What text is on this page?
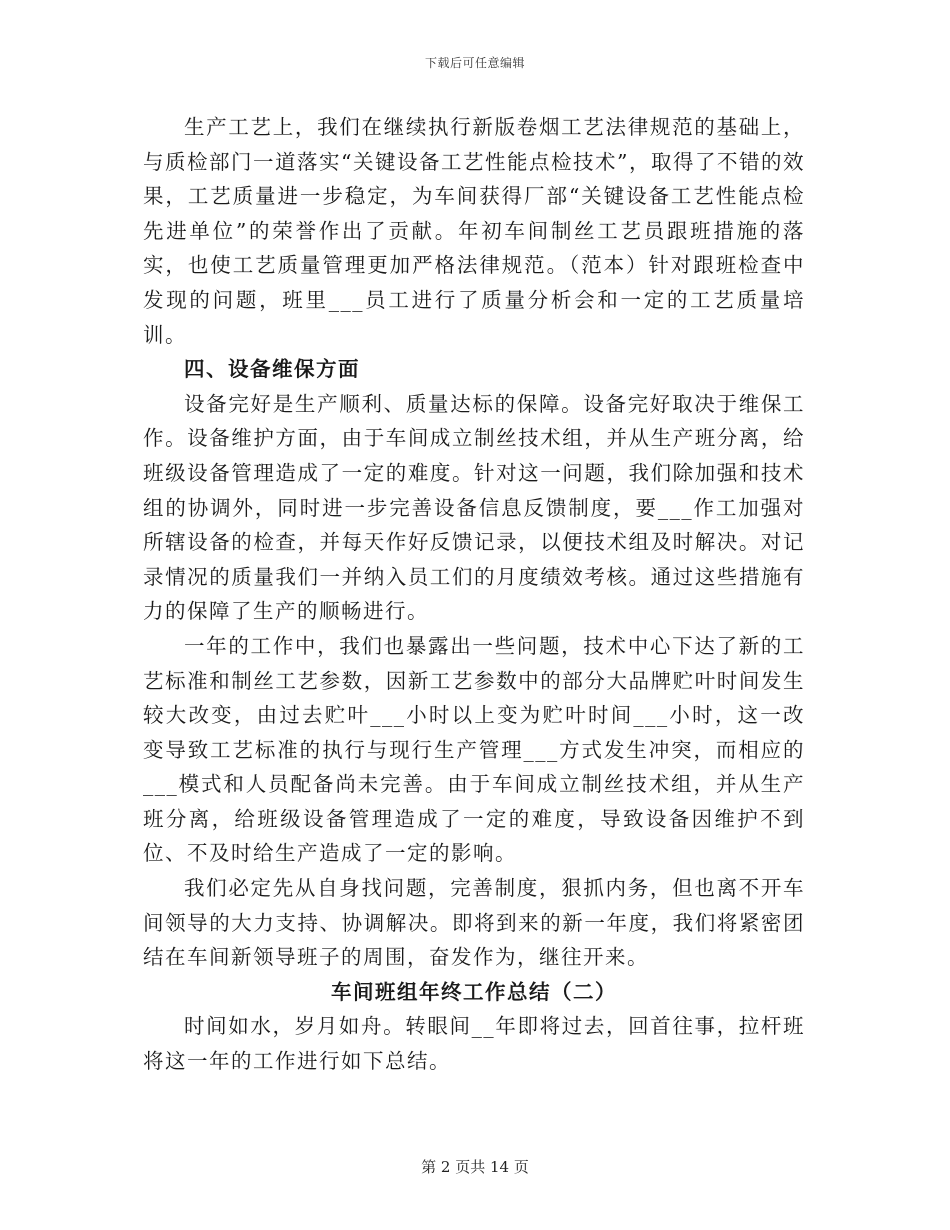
下载后可任意编辑

生产工艺上，我们在继续执行新版卷烟工艺法律规范的基础上，与质检部门一道落实“关键设备工艺性能点检技术”，取得了不错的效果，工艺质量进一步稳定，为车间获得厂部“关键设备工艺性能点检先进单位”的荣誉作出了贡献。年初车间制丝工艺员跟班措施的落实，也使工艺质量管理更加严格法律规范。（范本）针对跟班检查中发现的问题，班里___员工进行了质量分析会和一定的工艺质量培训。

四、设备维保方面

设备完好是生产顺利、质量达标的保障。设备完好取决于维保工作。设备维护方面，由于车间成立制丝技术组，并从生产班分离，给班级设备管理造成了一定的难度。针对这一问题，我们除加强和技术组的协调外，同时进一步完善设备信息反馈制度，要___作工加强对所辖设备的检查，并每天作好反馈记录，以便技术组及时解决。对记录情况的质量我们一并纳入员工们的月度绩效考核。通过这些措施有力的保障了生产的顺畅进行。

一年的工作中，我们也暴露出一些问题，技术中心下达了新的工艺标准和制丝工艺参数，因新工艺参数中的部分大品牌贮叶时间发生较大改变，由过去贮叶___小时以上变为贮叶时间___小时，这一改变导致工艺标准的执行与现行生产管理___方式发生冲突，而相应的___模式和人员配备尚未完善。由于车间成立制丝技术组，并从生产班分离，给班级设备管理造成了一定的难度，导致设备因维护不到位、不及时给生产造成了一定的影响。

我们必定先从自身找问题，完善制度，狠抓内务，但也离不开车间领导的大力支持、协调解决。即将到来的新一年度，我们将紧密团结在车间新领导班子的周围，奋发作为，继往开来。

车间班组年终工作总结（二）

时间如水，岁月如舟。转眼间__年即将过去，回首往事，拉杆班将这一年的工作进行如下总结。

第 2 页共 14 页
